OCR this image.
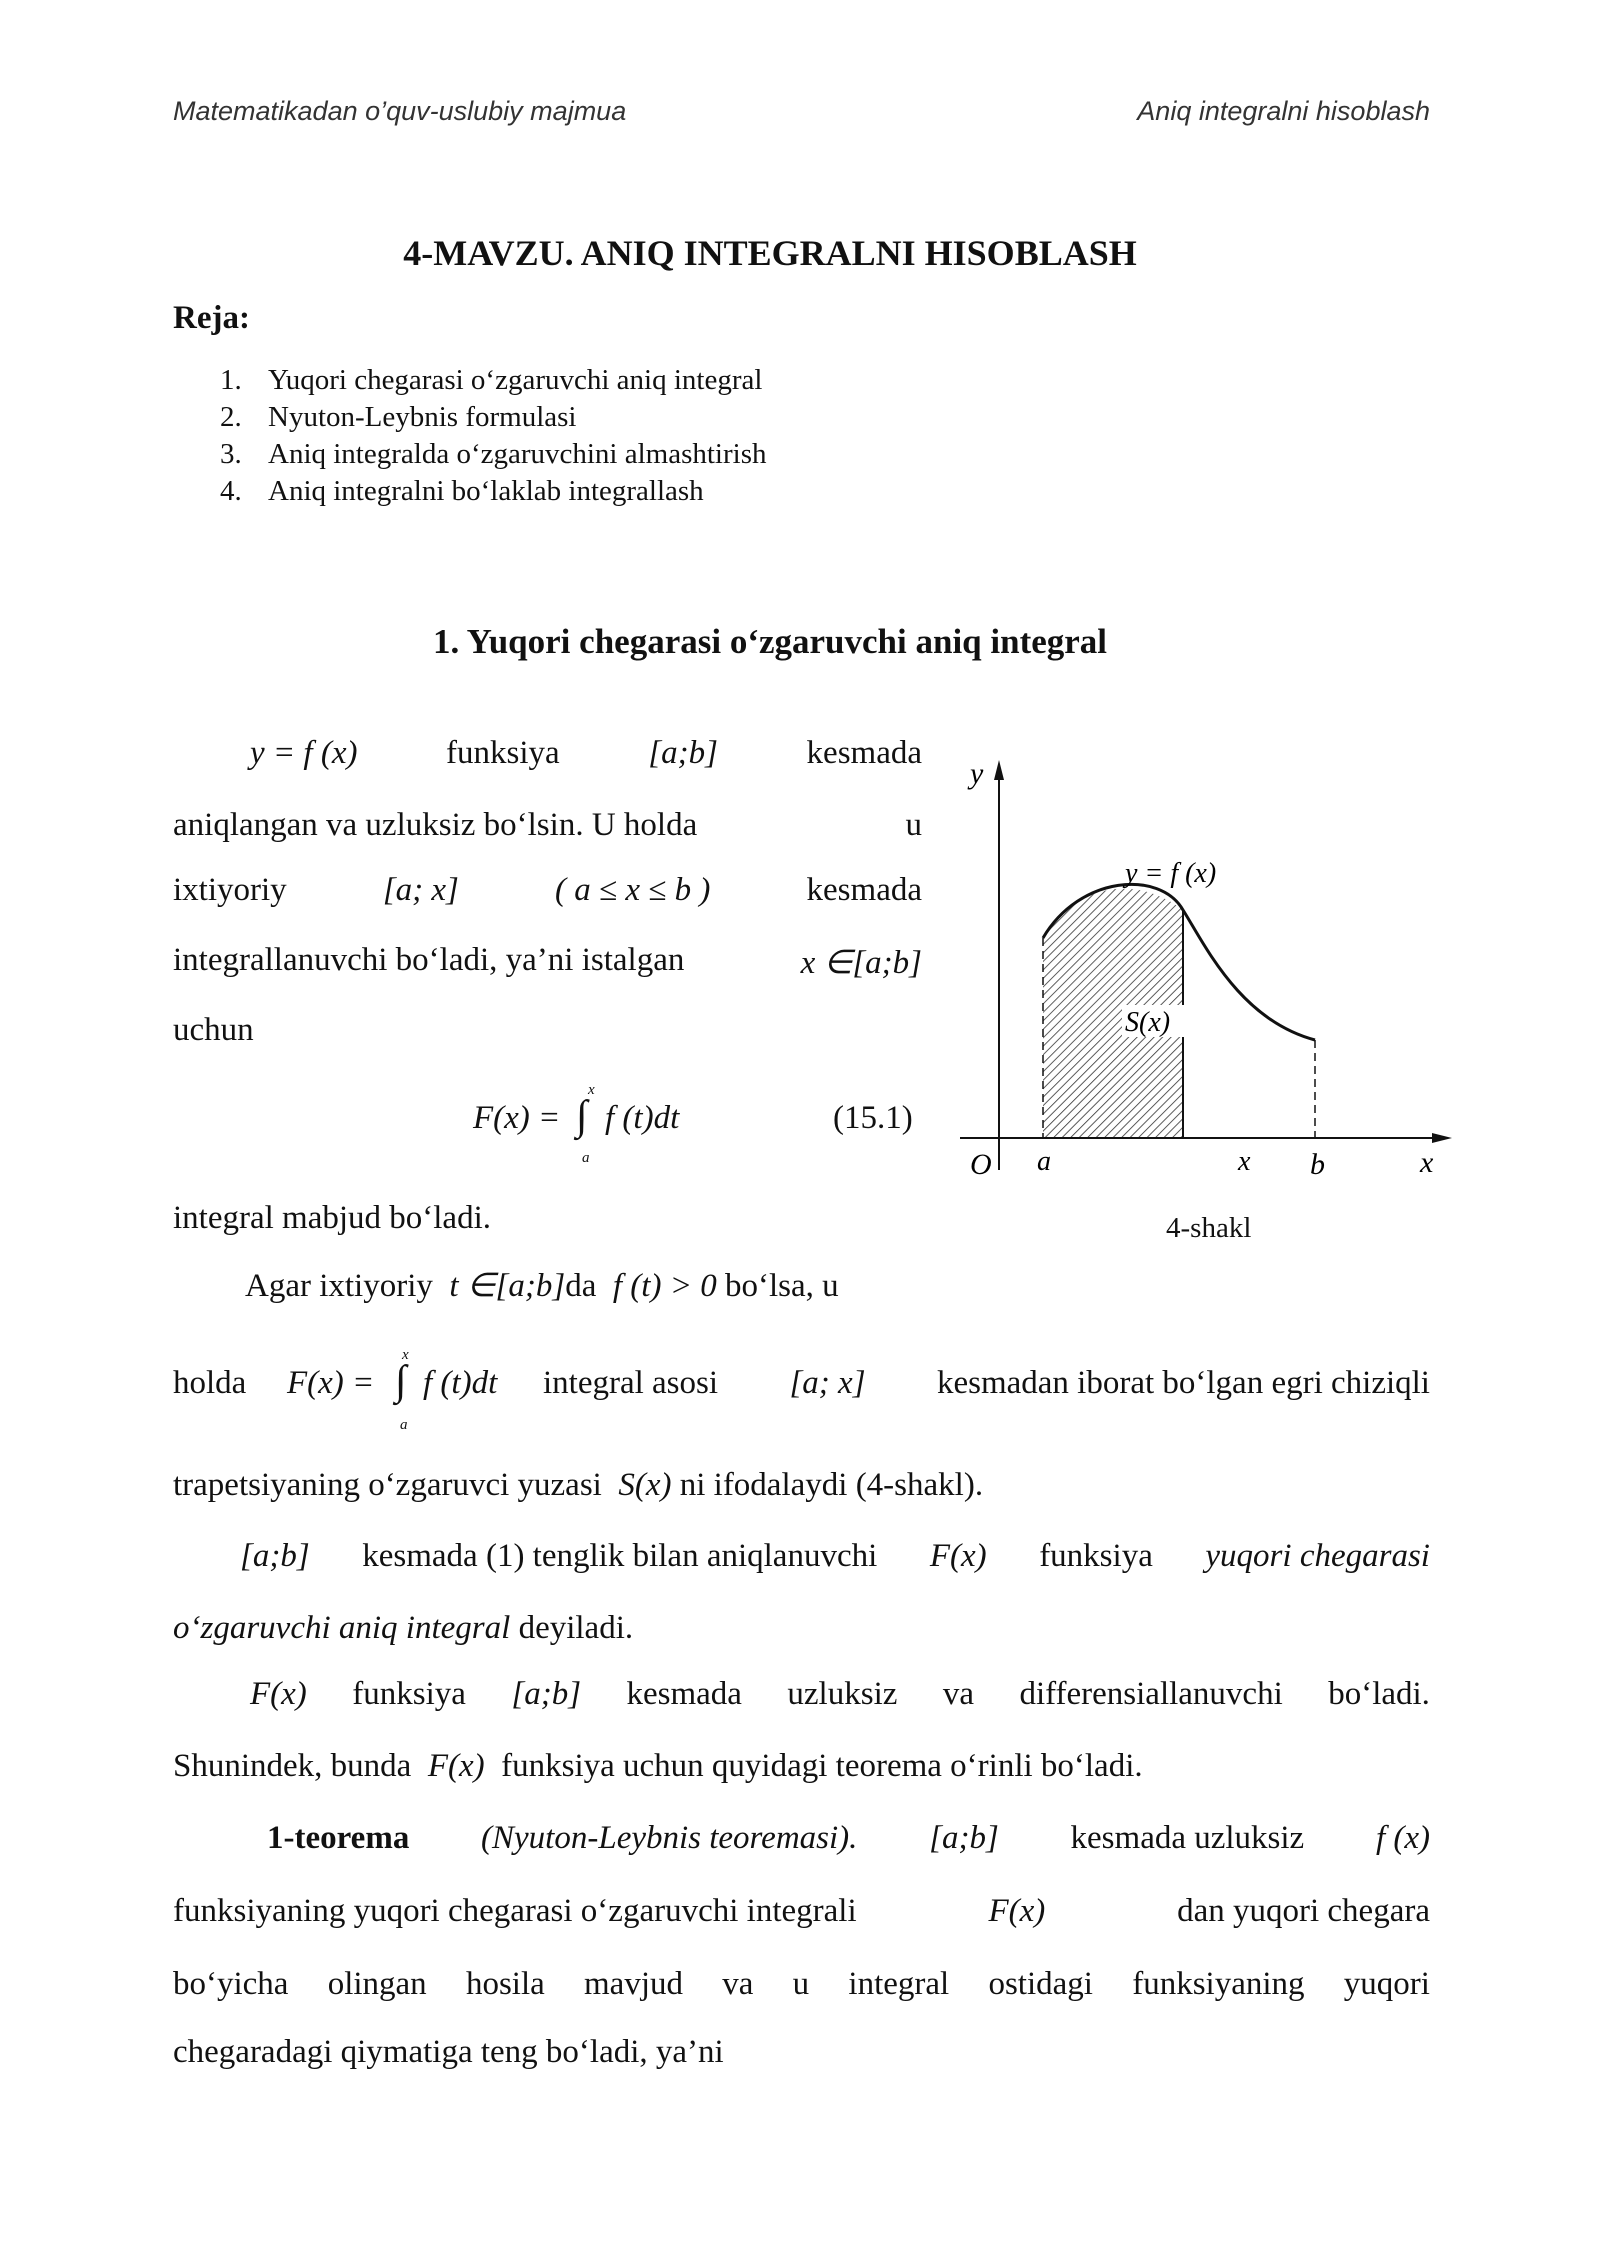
Matematikadan o’quv-uslubiy majmua	Aniq integralni hisoblash
4-MAVZU. ANIQ INTEGRALNI HISOBLASH
Reja:
1. Yuqori chegarasi o‘zgaruvchi aniq integral
2. Nyuton-Leybnis formulasi
3. Aniq integralda o‘zgaruvchini almashtirish
4. Aniq integralni bo‘laklab integrallash
1. Yuqori chegarasi o‘zgaruvchi aniq integral
y = f (x)	funksiya	[a;b]	kesmada
aniqlangan va uzluksiz bo‘lsin. U holda	u
ixtiyoriy	[a; x]	( a ≤ x ≤ b )	kesmada
integrallanuvchi bo‘ladi, ya’ni istalgan	x ∈[a;b]
uchun
F(x) = ∫
x
a
f (t)dt	(15.1)
integral mabjud bo‘ladi.
Agar ixtiyoriy t ∈[a;b]da f (t) > 0 bo‘lsa, u
holda F(x) = ∫
x
a
f (t)dt integral asosi [a; x] kesmadan iborat bo‘lgan egri chiziqli
trapetsiyaning o‘zgaruvci yuzasi S(x) ni ifodalaydi (4-shakl).
[a;b] kesmada (1) tenglik bilan aniqlanuvchi F(x) funksiya yuqori chegarasi
o‘zgaruvchi aniq integral deyiladi.
F(x) funksiya [a;b] kesmada uzluksiz va differensiallanuvchi bo‘ladi.
Shunindek, bunda F(x) funksiya uchun quyidagi teorema o‘rinli bo‘ladi.
1-teorema (Nyuton-Leybnis teoremasi). [a;b] kesmada uzluksiz f (x)
funksiyaning yuqori chegarasi o‘zgaruvchi integrali	F(x)	dan yuqori chegara
bo‘yicha olingan hosila mavjud va u integral ostidagi funksiyaning yuqori
chegaradagi qiymatiga teng bo‘ladi, ya’ni
y
x
O a	x b
y = f (x)
S(x)
4-shakl
